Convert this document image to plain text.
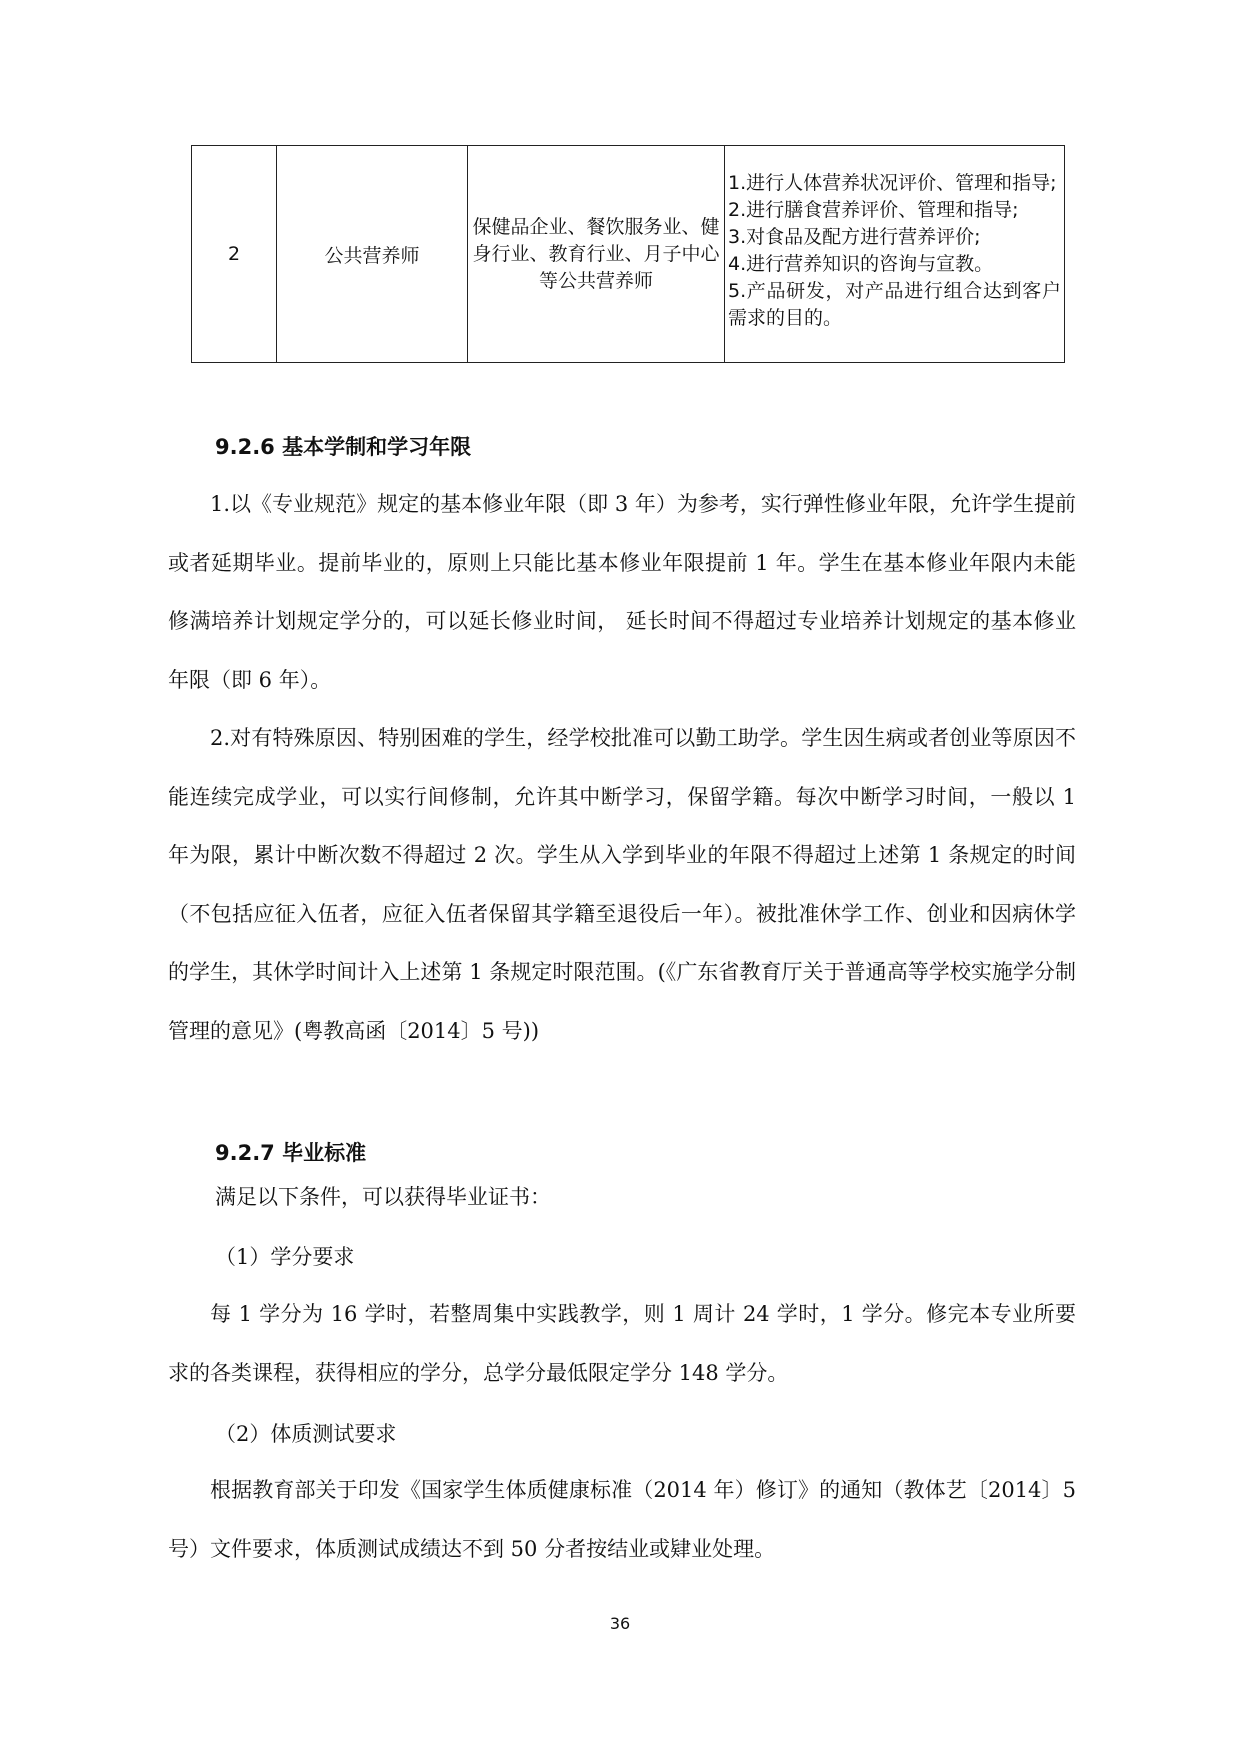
2	公共营养师	保健品企业、餐饮服务业、健身行业、教育行业、月子中心等公共营养师	
1.进行人体营养状况评价、管理和指导;
2.进行膳食营养评价、管理和指导;
3.对食品及配方进行营养评价;
4.进行营养知识的咨询与宣教。
5.产品研发，对产品进行组合达到客户需求的目的。
9.2.6 基本学制和学习年限

1.以《专业规范》规定的基本修业年限（即 3 年）为参考，实行弹性修业年限，允许学生提前或者延期毕业。提前毕业的，原则上只能比基本修业年限提前 1 年。学生在基本修业年限内未能修满培养计划规定学分的，可以延长修业时间， 延长时间不得超过专业培养计划规定的基本修业年限（即 6 年）。

2.对有特殊原因、特别困难的学生，经学校批准可以勤工助学。学生因生病或者创业等原因不能连续完成学业，可以实行间修制，允许其中断学习，保留学籍。每次中断学习时间，一般以 1 年为限，累计中断次数不得超过 2 次。学生从入学到毕业的年限不得超过上述第 1 条规定的时间（不包括应征入伍者，应征入伍者保留其学籍至退役后一年）。被批准休学工作、创业和因病休学的学生，其休学时间计入上述第 1 条规定时限范围。(《广东省教育厅关于普通高等学校实施学分制管理的意见》(粤教高函〔2014〕5 号))

9.2.7 毕业标准

满足以下条件，可以获得毕业证书：

（1）学分要求

每 1 学分为 16 学时，若整周集中实践教学，则 1 周计 24 学时，1 学分。修完本专业所要求的各类课程，获得相应的学分，总学分最低限定学分 148 学分。

（2）体质测试要求

根据教育部关于印发《国家学生体质健康标准（2014 年）修订》的通知（教体艺〔2014〕5 号）文件要求，体质测试成绩达不到 50 分者按结业或肄业处理。

36
